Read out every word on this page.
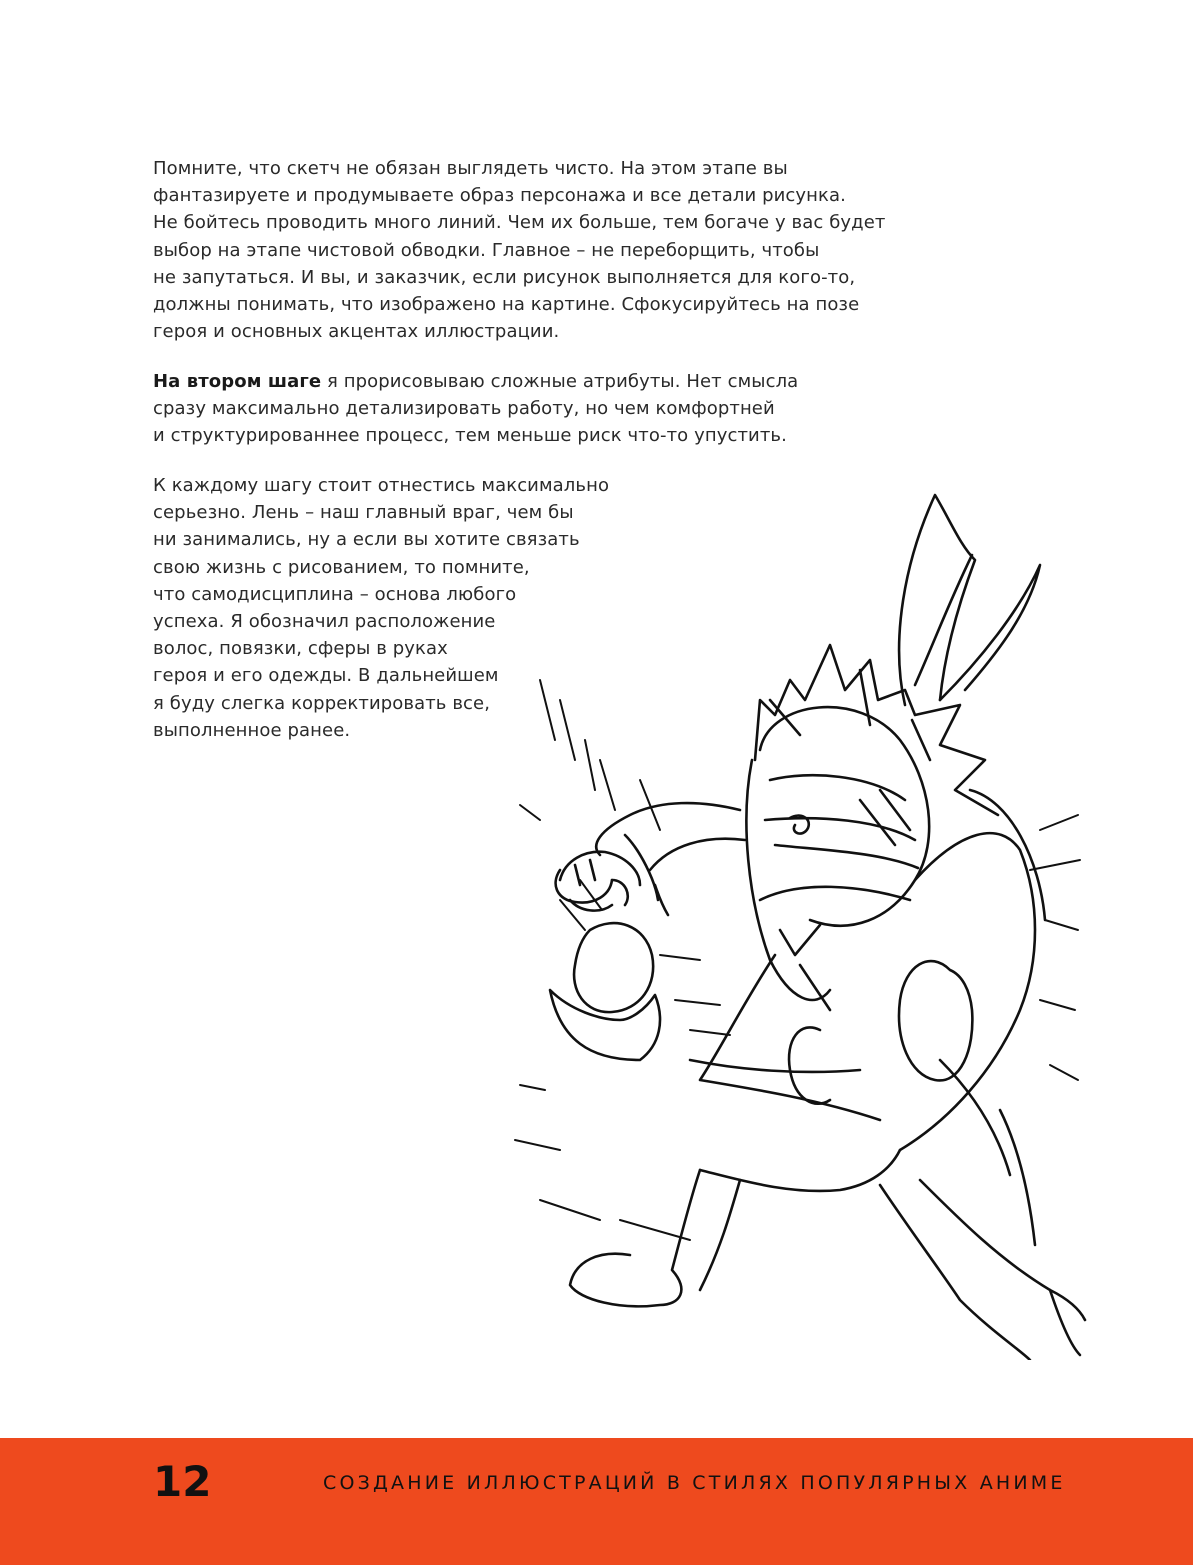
Помните, что скетч не обязан выглядеть чисто. На этом этапе вы
фантазируете и продумываете образ персонажа и все детали рисунка.
Не бойтесь проводить много линий. Чем их больше, тем богаче у вас будет
выбор на этапе чистовой обводки. Главное – не переборщить, чтобы
не запутаться. И вы, и заказчик, если рисунок выполняется для кого-то,
должны понимать, что изображено на картине. Сфокусируйтесь на позе
героя и основных акцентах иллюстрации.

На втором шаге я прорисовываю сложные атрибуты. Нет смысла
сразу максимально детализировать работу, но чем комфортней
и структурированнее процесс, тем меньше риск что-то упустить.

К каждому шагу стоит отнестись максимально
серьезно. Лень – наш главный враг, чем бы
ни занимались, ну а если вы хотите связать
свою жизнь с рисованием, то помните,
что самодисциплина – основа любого
успеха. Я обозначил расположение
волос, повязки, сферы в руках
героя и его одежды. В дальнейшем
я буду слегка корректировать все,
выполненное ранее.

12	СОЗДАНИЕ ИЛЛЮСТРАЦИЙ В СТИЛЯХ ПОПУЛЯРНЫХ АНИМЕ
